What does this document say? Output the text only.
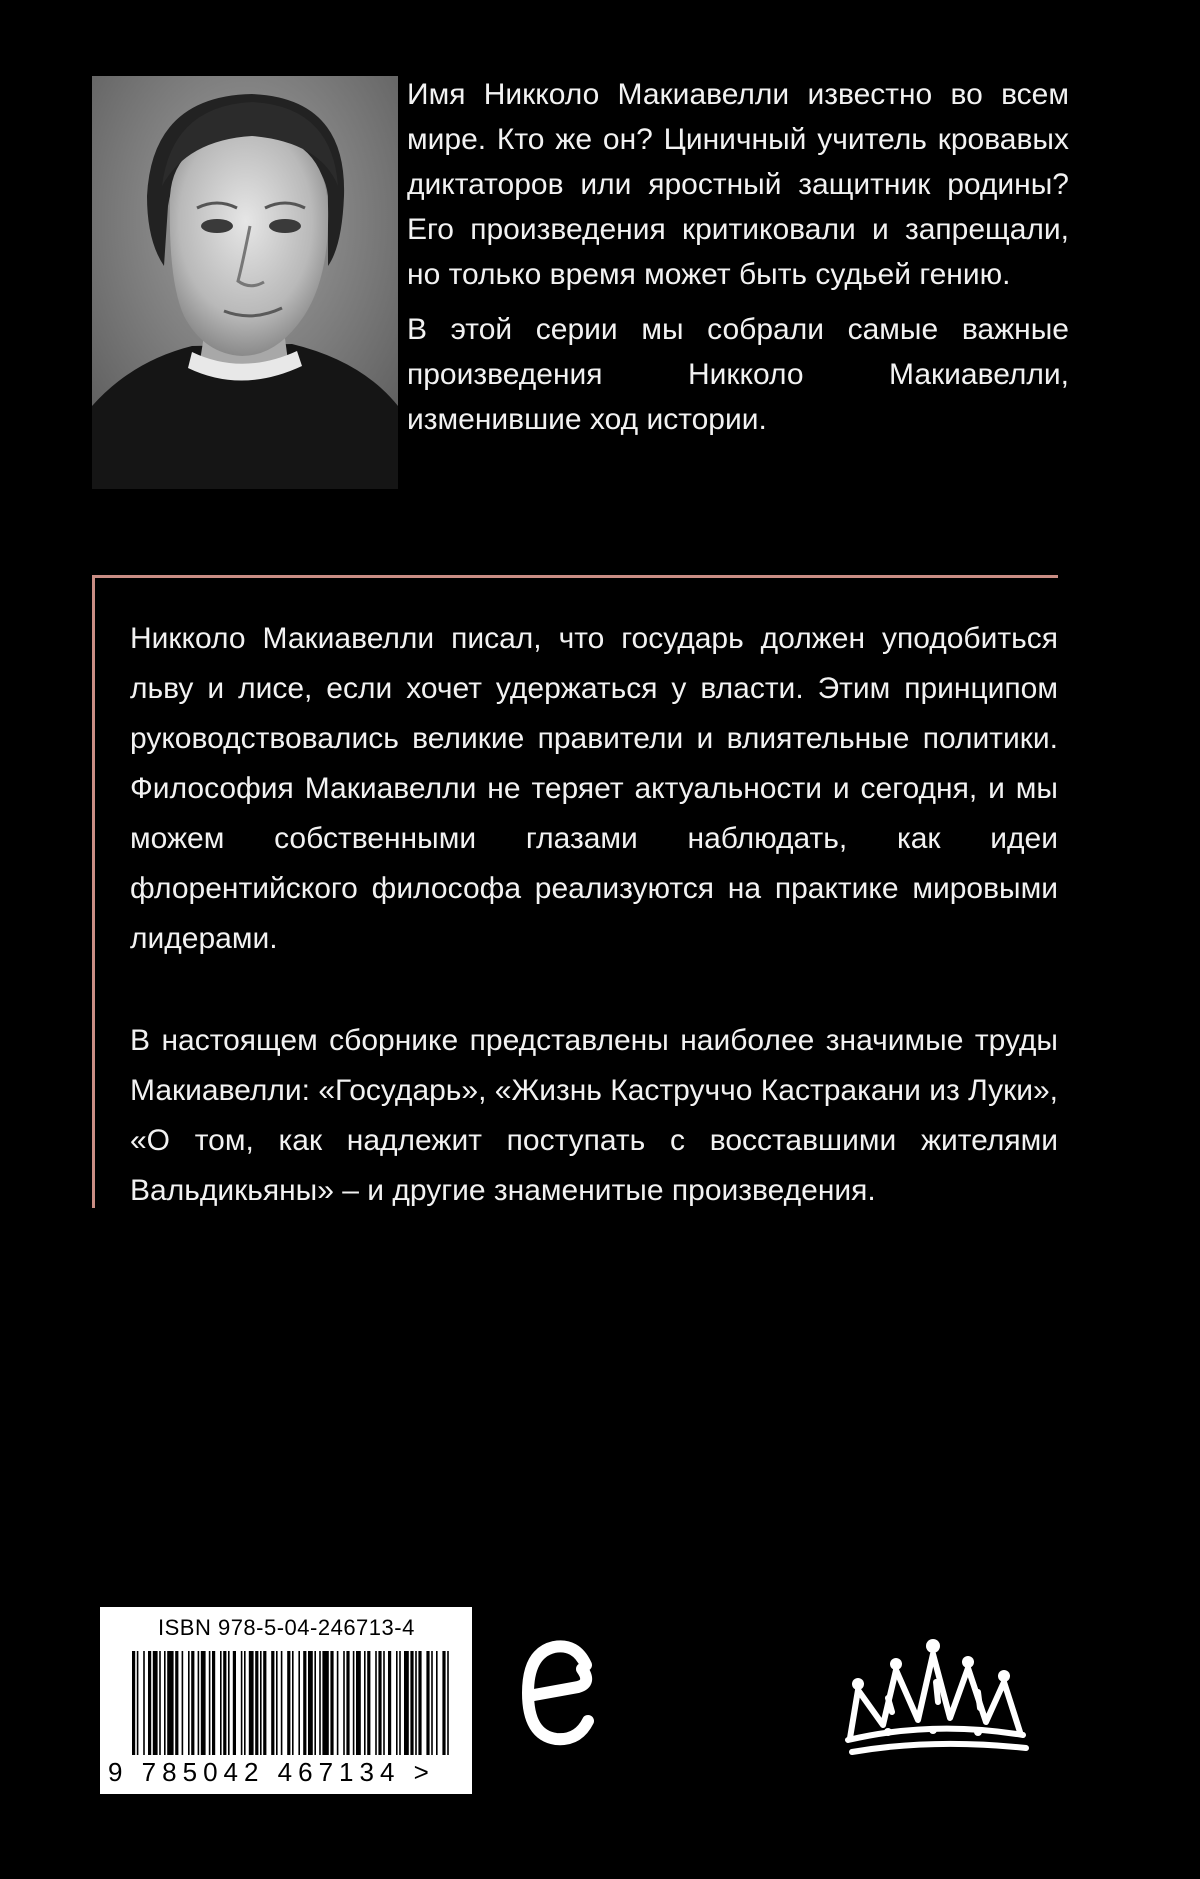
Имя Никколо Макиавелли известно во всем мире. Кто же он? Циничный учитель кровавых диктаторов или яростный защитник родины? Его произведения критиковали и запрещали, но только время может быть судьей гению.

В этой серии мы собрали самые важные произведения Никколо Макиавелли, изменившие ход истории.

Никколо Макиавелли писал, что государь должен уподобиться льву и лисе, если хочет удержаться у власти. Этим принципом руководствовались великие правители и влиятельные политики. Философия Макиавелли не теряет актуальности и сегодня, и мы можем собственными глазами наблюдать, как идеи флорентийского философа реализуются на практике мировыми лидерами.

В настоящем сборнике представлены наиболее значимые труды Макиавелли: «Государь», «Жизнь Каструччо Кастракани из Луки», «О том, как надлежит поступать с восставшими жителями Вальдикьяны» – и другие знаменитые произведения.

ISBN 978-5-04-246713-4
9 785042 467134 >
